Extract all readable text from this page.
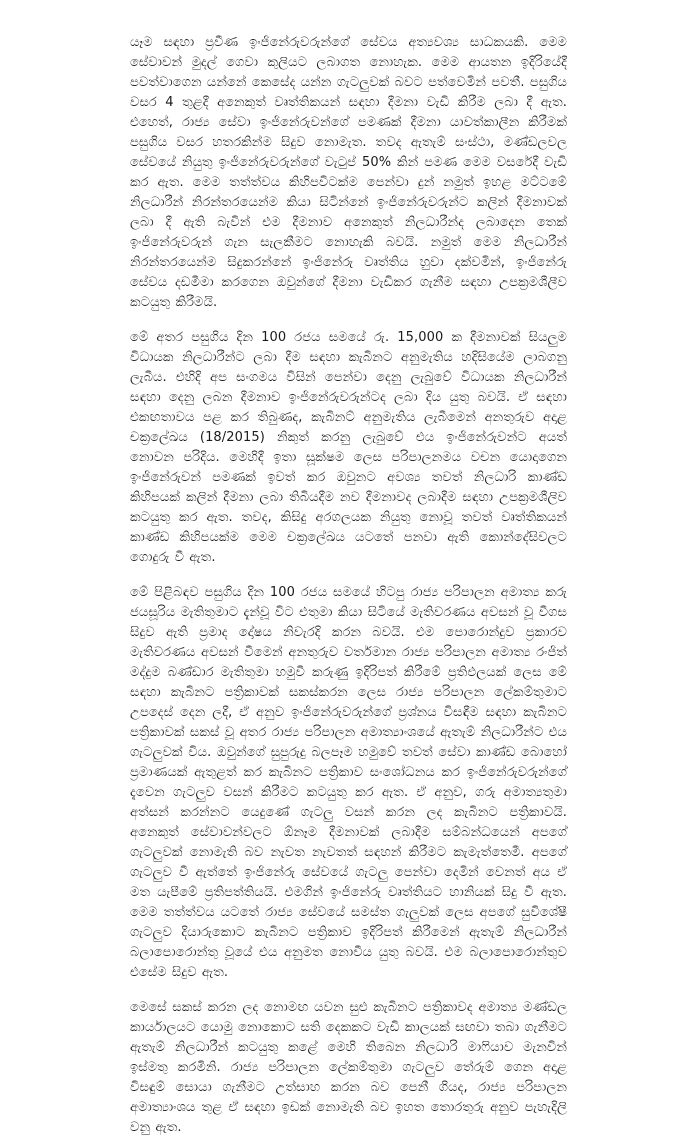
යෑම සඳහා ප්‍රවීණ ඉංජිනේරුවරුන්ගේ සේවය අත්‍යවශ්‍ය සාධකයකි. මෙම සේවාවන් මුදල් ගෙවා කුලියට ලබාගත නොහැක. මෙම ආයතන ඉදිරියේදී පවත්වාගෙන යන්නේ කෙසේද යන්න ගැටලුවක් බවට පත්වෙමින් පවතී. පසුගිය වසර 4 තුළදී අනෙකුත් වෘත්තිකයන් සඳහා දීමනා වැඩි කිරීම ලබා දී ඇත. එහෙත්, රාජ්‍ය සේවා ඉංජිනේරුවන්ගේ පමණක් දීමනා යාවත්කාලීන කිරීමක් පසුගිය වසර හතරකින්ම සිදුව නොමැත. තවද ඇතැම් සංස්ථා, මණ්ඩලවල සේවයේ නියුතු ඉංජිනේරුවරුන්ගේ වැටුප් 50% කින් පමණ මෙම වසරේදී වැඩි කර ඇත. මෙම තත්ත්වය කිහිපවිටක්ම පෙන්වා දුන් නමුත් ඉහළ මට්ටමේ නිලධාරීන් නිරන්තරයෙන්ම කියා සිටින්නේ ඉංජිනේරුවරුන්ට කලින් දීමනාවක් ලබා දී ඇති බැවින් එම දීමනාව අනෙකුත් නිලධාරීන්ද ලබාදෙන තෙක් ඉංජිනේරුවරුන් ගැන සැලකීමට නොහැකි බවයි. නමුත් මෙම නිලධාරීන් නිරන්තරයෙන්ම සිදුකරන්නේ ඉංජිනේරු වෘත්තිය හුවා දක්වමින්, ඉංජිනේරු සේවය දඩමීමා කරගෙන ඔවුන්ගේ දීමනා වැඩිකර ගැනීම සඳහා උපක්‍රමශීලීව කටයුතු කිරීමයි.

මේ අතර පසුගිය දින 100 රජය සමයේ රු. 15,000 ක දීමනාවක් සියලුම විධායක නිලධාරීන්ට ලබා දීම සඳහා කැබිනට අනුමැතිය හදිසියේම ලාබගනු ලැබීය. එහිදි අප සංගමය විසින් පෙන්වා දෙනු ලැබුවේ විධායක නිලධාරීන් සඳහා දෙනු ලබන දීමනාව ඉංජිනේරුවරුන්ටද ලබා දිය යුතු බවයි. ඒ සඳහා එකඟතාවය පළ කර තිබුණද, කැබිනට් අනුමැතිය ලැබීමෙන් අනතුරුව අදාළ චක්‍රලේඛය (18/2015) නිකුත් කරනු ලැබුවේ එය ඉංජිනේරුවන්ට අයත් නොවන පරිදිය. මෙහිදී ඉතා සූක්ෂම ලෙස පරිපාලනමය වචන යොදාගෙන ඉංජිනේරුවන් පමණක් ඉවත් කර ඔවුනට අවශ්‍ය තවත් නිලධාරි කාණ්ඩ කිහිපයක් කලින් දීමනා ලබා තිබියදීම නව දීමනාවද ලබාදීම සඳහා උපක්‍රමශීලිව කටයුතු කර ඇත. තවද, කිසිදු අරගලයක නියුතු නොවූ තවත් වෘත්තිකයන් කාණ්ඩ කිහිපයක්ම මෙම චක්‍රලේඛය යටතේ පනවා ඇති කොන්දේසිවලට ගොදුරු වී ඇත.

මේ පිළිබඳව පසුගිය දින 100 රජය සමයේ හිටපු රාජ්‍ය පරිපාලන අමාත්‍ය කරු ජයසූරිය මැතිතුමාට දැන්වූ විට එතුමා කියා සිටියේ මැතිවරණය අවසන් වූ වීගස සිදුව ඇති ප්‍රමාද දෝෂය නිවැරදි කරන බවයි. එම පොරොන්දුව ප්‍රකාරව මැතිවරණය අවසන් වීමෙන් අනතුරුව වර්තමාන රාජ්‍ය පරිපාලන අමාත්‍ය රංජිත් මද්දුම බණ්ඩාර මැතිතුමා හමුවී කරුණු ඉදිරිපත් කිරීමේ ප්‍රතිඵලයක් ලෙස මේ සඳහා කැබිනට පත්‍රිකාවක් සකස්කරන ලෙස රාජ්‍ය පරිපාලන ලේකම්තුමාට උපදෙස් දෙන ලදී, ඒ අනුව ඉංජිනේරුවරුන්ගේ ප්‍රශ්නය විසඳීම සඳහා කැබිනට පත්‍රිකාවක් සකස් වූ අතර රාජ්‍ය පරිපාලන අමාත්‍යාංශයේ ඇතැම් නිලධාරීන්ට එය ගැටලුවක් විය. ඔවුන්ගේ සුපුරුදු බලපෑම හමුවේ තවත් සේවා කාණ්ඩ බොහෝ ප්‍රමාණයක් ඇතුළත් කර කැබිනට පත්‍රිකාව සංශෝධනය කර ඉංජිනේරුවරුන්ගේ දැවෙන ගැටලුව වසන් කිරීමට කටයුතු කර ඇත. ඒ අනුව, ගරු අමාත්‍යතුමා අත්සන් කරන්නට යෙදුණේ ගැටලු වසන් කරන ලද කැබිනට පත්‍රිකාවයි. අනෙකුත් සේවාවන්වලට ඕනෑම දීමනාවක් ලබාදීම සම්බන්ධයෙන් අපගේ ගැටලුවක් නොමැති බව නැවත නැවතත් සඳහන් කිරීමට කැමැත්තෙමී. අපගේ ගැටලුව වී ඇත්තේ ඉංජිනේරු සේවයේ ගැටලු පෙන්වා දෙමින් වෙනත් අය ඒ මත යැපීමේ ප්‍රතිපත්තියයි. එමගින් ඉංජිනේරු වෘත්තියට හානියක් සිදු වී ඇත. මෙම තත්ත්වය යටතේ රාජ්‍ය සේවයේ සමස්ත ගැලුවක් ලෙස අපගේ සුවිශේෂී ගැටලුව දියාරුකොට කැබිනට පත්‍රිකාව ඉදිරිපත් කිරීමෙන් ඇතැම් නිලධාරීන් බලාපොරොන්තු වූයේ එය අනුමත නොවීය යුතු බවයි. එම බලාපොරොන්තුව එසේම සිදුව ඇත.

මෙසේ සකස් කරන ලද නොමඟ යවන සුළු කැබිනට පත්‍රිකාවද අමාත්‍ය මණ්ඩල කාර්යාලයට යොමු නොකොට සති දෙකකට වැඩි කාලයක් සඟවා තබා ගැනීමට ඇතැම් නිලධාරීන් කටයුතු කළේ මෙහි තිබෙන නිලධාරි මාෆියාව මැනවින් ඉස්මතු කරමිනි. රාජ්‍ය පරිපාලන ලේකම්තුමා ගැටලුව තේරුම් ගෙන අදාළ විසඳුම් සොයා ගැනීමට උත්සාහ කරන බව පෙනී ගියද, රාජ්‍ය පරිපාලන අමාත්‍යාංශය තුළ ඒ සඳහා ඉඩක් නොමැති බව ඉහත තොරතුරු අනුව පැහැදිලි වනු ඇත.
